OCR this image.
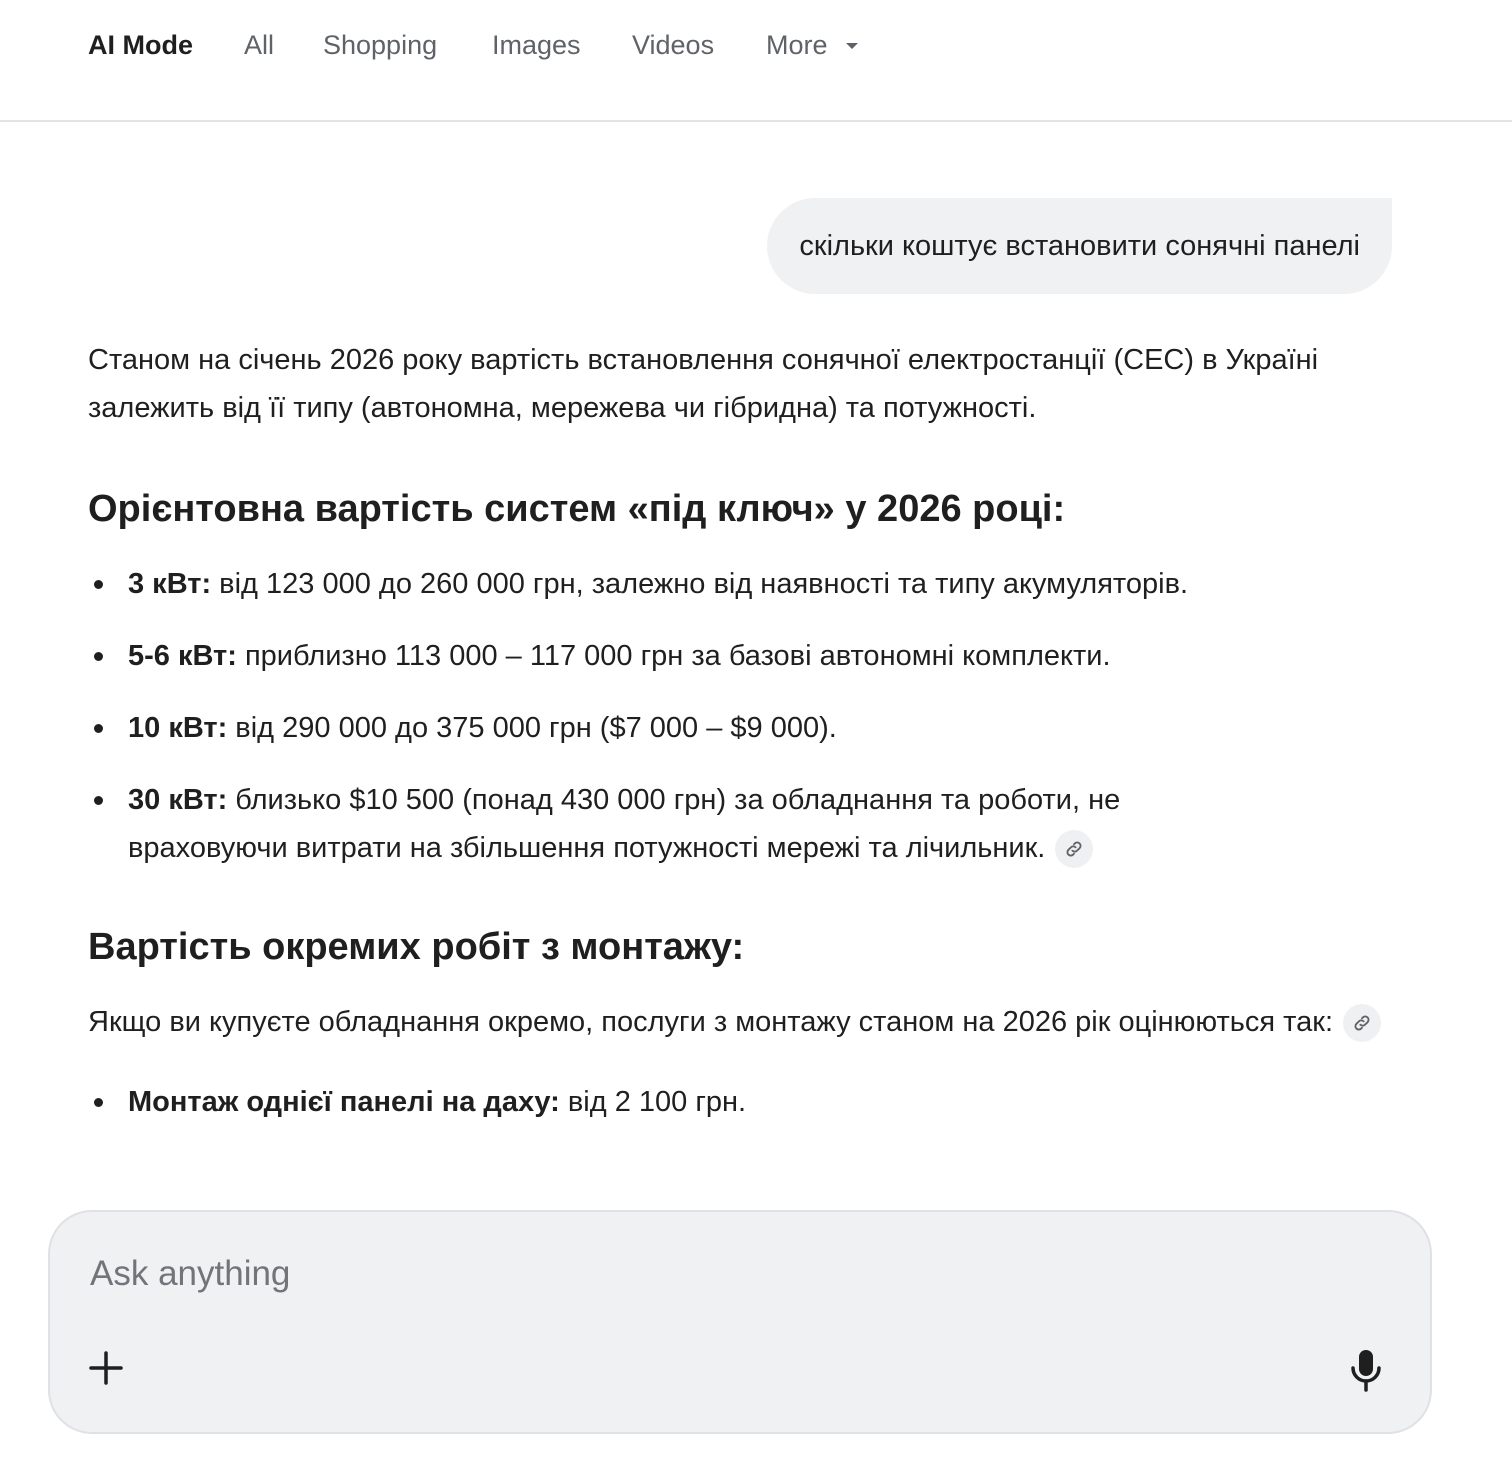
AI Mode All Shopping Images Videos More
скільки коштує встановити сонячні панелі

Станом на січень 2026 року вартість встановлення сонячної електростанції (СЕС) в Україні залежить від її типу (автономна, мережева чи гібридна) та потужності.

Орієнтовна вартість систем «під ключ» у 2026 році:
3 кВт: від 123 000 до 260 000 грн, залежно від наявності та типу акумуляторів.
5-6 кВт: приблизно 113 000 – 117 000 грн за базові автономні комплекти.
10 кВт: від 290 000 до 375 000 грн ($7 000 – $9 000).
30 кВт: близько $10 500 (понад 430 000 грн) за обладнання та роботи, не враховуючи витрати на збільшення потужності мережі та лічильник.
Вартість окремих робіт з монтажу:

Якщо ви купуєте обладнання окремо, послуги з монтажу станом на 2026 рік оцінюються так:

Монтаж однієї панелі на даху: від 2 100 грн.
Ask anything
